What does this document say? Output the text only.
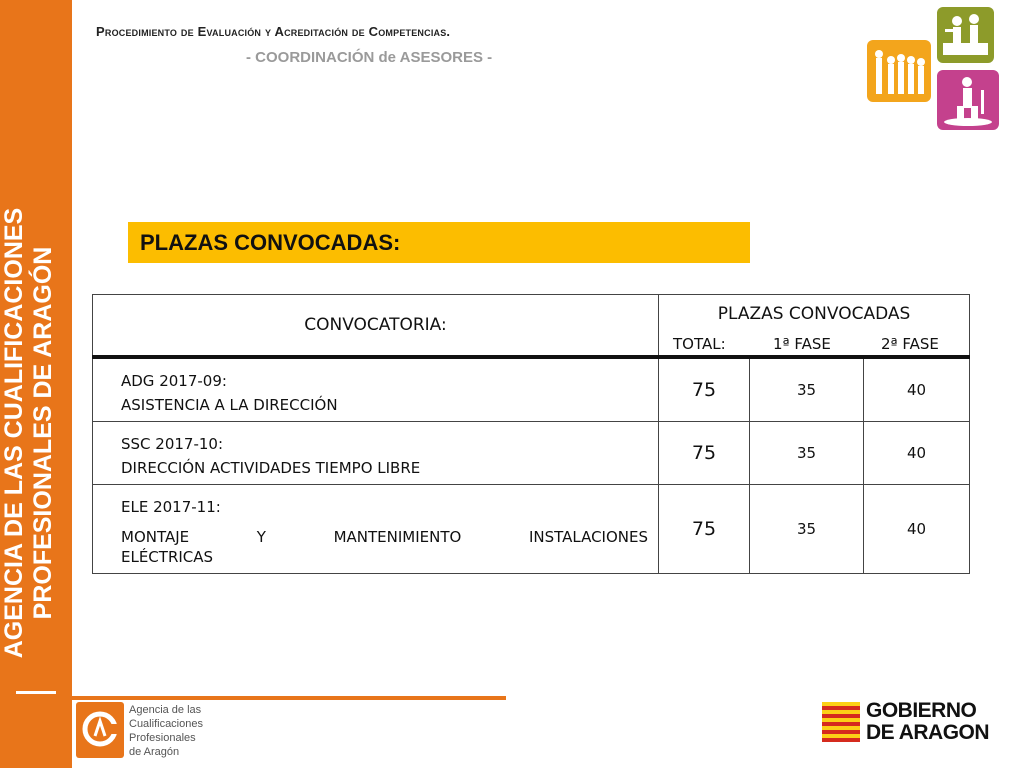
AGENCIA DE LAS CUALIFICACIONES PROFESIONALES DE ARAGÓN
Procedimiento de Evaluación y Acreditación de Competencias.
- COORDINACIÓN de ASESORES -
PLAZAS CONVOCADAS:
CONVOCATORIA:	PLAZAS CONVOCADAS
TOTAL: 1ª FASE 2ª FASE		

ADG 2017-09:
ASISTENCIA A LA DIRECCIÓN	75	35	40

SSC 2017-10:
DIRECCIÓN ACTIVIDADES TIEMPO LIBRE	75	35	40

ELE 2017-11:
MONTAJE Y MANTENIMIENTO INSTALACIONES
ELÉCTRICAS	75	35	40
Agencia de las
Cualificaciones
Profesionales
de Aragón
GOBIERNO
DE ARAGON
